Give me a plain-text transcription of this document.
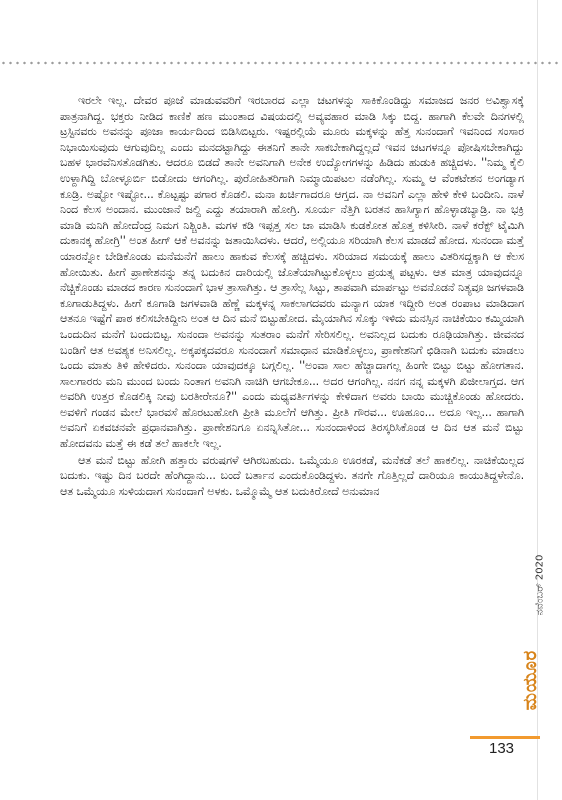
ಇರಲೇ ಇಲ್ಲ. ದೇವರ ಪೂಜೆ ಮಾಡುವವರಿಗೆ ಇರಬಾರದ ಎಲ್ಲಾ ಚಟಗಳನ್ನು ಸಾಕಿಕೊಂಡಿದ್ದು ಸಮಾಜದ ಜನರ ಅವಿಶ್ವಾಸಕ್ಕೆ ಪಾತ್ರನಾಗಿದ್ದ. ಭಕ್ತರು ನೀಡಿದ ಕಾಣಿಕೆ ಹಣ ಮುಂತಾದ ವಿಷಯದಲ್ಲಿ ಅವ್ಯವಹಾರ ಮಾಡಿ ಸಿಕ್ಕು ಬಿದ್ದ. ಹಾಗಾಗಿ ಕೆಲವೇ ದಿನಗಳಲ್ಲಿ ಟ್ರಸ್ಟಿನವರು ಅವನನ್ನು ಪೂಜಾ ಕಾರ್ಯದಿಂದ ಬಿಡಿಸಿಬಿಟ್ಟರು. ಇಷ್ಟರಲ್ಲಿಯೆ ಮೂರು ಮಕ್ಕಳನ್ನು ಹೆತ್ತ ಸುನಂದಾಗೆ ಇವನಿಂದ ಸಂಸಾರ ನಿಭಾಯಿಸುವುದು ಆಗುವುದಿಲ್ಲ ಎಂದು ಮನದಟ್ಟಾಗಿದ್ದು ಈತನಿಗೆ ತಾನೇ ಸಾಕಬೇಕಾಗಿದ್ದಲ್ಲದೆ ಇವನ ಚಟಗಳನ್ನೂ ಪೋಷಿಸಬೇಕಾಗಿದ್ದು ಬಹಳ ಭಾರವೆನಿಸತೊಡಗಿತು. ಆದರೂ ಬಿಡದೆ ತಾನೇ ಅವನಿಗಾಗಿ ಅನೇಕ ಉದ್ಯೋಗಗಳನ್ನು ಹಿಡಿದು ಹುಡುಕಿ ಹಚ್ಚಿದಳು. ''ನಿಮ್ಮ ಕೈಲಿ ಉಳ್ದಾಗಿದ್ದಿ ಬೋಳ್ಳೂರ್ಬಿ ಬಿಡೋದು ಆಗಂಗಿಲ್ಲ. ಪುರೋಹಿತರಿಗಾಗಿ ನಿಮ್ಮಾಯಿಪಟಲ ನಡೆಂಗಿಲ್ಲ. ಸುಮ್ಮ ಆ ವೆಂಕಟೇಶನ ಅಂಗಡ್ಯಾಗ ಕೂಡ್ರಿ. ಅಷ್ಟೋ ಇಷ್ಟೋ... ಕೊಟ್ಟಷ್ಟು ಪಗಾರ ಕೊಡಲಿ. ಮನಾ ಖರ್ಚಿಗಾದರೂ ಆಗ್ತದ. ನಾ ಅವನಿಗೆ ಎಲ್ಲಾ ಹೇಳಿ ಕೇಳಿ ಬಂದೀನಿ. ನಾಳೆ ನಿಂದ ಕೆಲಸ ಅಂದಾನ. ಮುಂಜಾನೆ ಜಲ್ದಿ ಎದ್ದು ತಯಾರಾಗಿ ಹೋಗ್ರಿ. ಸೂರ್ಯ ನೆತ್ತಿಗಿ ಬರತನ ಹಾಸಿಗ್ಯಾಗ ಹೊಳ್ಳಾಡಬ್ಯಾಡ್ರಿ. ನಾ ಭಕ್ರಿ ಮಾಡಿ ಮನಿಗಿ ಹೋದೆಂದ್ರ ನಿಮಗ ನಿಶ್ಚಿಂತಿ. ಮಗಳ ಕಡಿ ಇಪ್ಪತ್ತ ಸಲ ಚಾ ಮಾಡಿಸಿ ಕುಡಕೋತ ಹೊತ್ತ ಕಳಿಸೀರಿ. ನಾಳೆ ಕರೆಕ್ಟ್ ಟೈಮಿಗಿ ದುಕಾನಕ್ಕ ಹೋಗ್ರಿ'' ಅಂತ ಹೀಗ್ ಆಕೆ ಅವನನ್ನು ಜತಾಯಿಸಿದಳು. ಆದರೆ, ಅಲ್ಲಿಯೂ ಸರಿಯಾಗಿ ಕೆಲಸ ಮಾಡದೆ ಹೋದ. ಸುನಂದಾ ಮತ್ತೆ ಯಾರನ್ನೋ ಬೇಡಿಕೊಂಡು ಮನೆಮನೆಗೆ ಹಾಲು ಹಾಕುವ ಕೆಲಸಕ್ಕೆ ಹಚ್ಚಿದಳು. ಸರಿಯಾದ ಸಮಯಕ್ಕೆ ಹಾಲು ವಿತರಿಸದ್ದಕ್ಕಾಗಿ ಆ ಕೆಲಸ ಹೋಯಿತು. ಹೀಗೆ ಪ್ರಾಣೇಶನನ್ನು ತನ್ನ ಬದುಕಿನ ದಾರಿಯಲ್ಲಿ ಜೊತೆಯಾಗಿಟ್ಟುಕೊಳ್ಳಲು ಪ್ರಯತ್ನ ಪಟ್ಟಳು. ಆತ ಮಾತ್ರ ಯಾವುದನ್ನೂ ನೆಚ್ಚಿಕೊಂಡು ಮಾಡದ ಕಾರಣ ಸುನಂದಾಗೆ ಭಾಳ ತ್ರಾಸಾಗಿತ್ತು. ಆ ತ್ರಾಸೆಲ್ಲ ಸಿಟ್ಟು, ತಾಪವಾಗಿ ಮಾರ್ಪಟ್ಟು ಅವನೊಡನೆ ನಿತ್ಯವೂ ಜಗಳವಾಡಿ ಕೂಗಾಡುತಿದ್ದಳು. ಹೀಗೆ ಕೂಗಾಡಿ ಜಗಳವಾಡಿ ಹೆಣ್ಣೆ ಮಕ್ಕಳನ್ನ ಸಾಕಲಾಗದವರು ಮನ್ಯಾಗ ಯಾಕ ಇದ್ದೀರಿ ಅಂತ ರಂಪಾಟ ಮಾಡಿದಾಗ ಆತನೂ ಇಷ್ಟೆಗೆ ಪಾಠ ಕಲಿಸಬೇಕಿದ್ದೀನಿ ಅಂತ ಆ ದಿನ ಮನೆ ಬಿಟ್ಟುಹೋದ. ಮೈಯಾಗಿನ ಸೊಕ್ಕು ಇಳಿದು ಮನಸ್ಸಿನ ನಾಚಿಕೆಯಿಂ ಕಮ್ಮಿಯಾಗಿ ಒಂದುದಿನ ಮನೆಗೆ ಬಂದುಬಿಟ್ಟ. ಸುನಂದಾ ಅವನನ್ನು ಸುತರಾಂ ಮನೆಗೆ ಸೇರಿಸಲಿಲ್ಲ. ಅವನಿಲ್ಲದ ಬದುಕು ರೂಢಿಯಾಗಿತ್ತು. ಜೀವನದ ಬಂಡಿಗೆ ಆತ ಅವಶ್ಯಕ ಅನಿಸಲಿಲ್ಲ. ಅಕ್ಕಪಕ್ಕದವರೂ ಸುನಂದಾಗೆ ಸಮಾಧಾನ ಮಾಡಿಕೊಳ್ಳಲು, ಪ್ರಾಣೇಶನಿಗೆ ಛಿಡಿನಾಗಿ ಬದುಕು ಮಾಡಲು ಒಂದು ಮಾತು ತಿಳಿ ಹೇಳಿದರು. ಸುನಂದಾ ಯಾವುದಕ್ಕೂ ಬಗ್ಗಲಿಲ್ಲ. ''ಅಂವಾ ಸಾಲ ಹೆಚ್ಚಾದಾಗಲ್ಲ ಹಿಂಗೇ ಬಿಟ್ಟು ಬಿಟ್ಟು ಹೋಗತಾನ. ಸಾಲಗಾರರು ಮನಿ ಮುಂದ ಬಂದು ನಿಂತಾಗ ಅವನಿಗಿ ನಾಚಿಗಿ ಆಗಬೇಕೂ... ಅದರ ಆಗಂಗಿಲ್ಲ. ನನಗ ನನ್ನ ಮಕ್ಕಳಗಿ ಖಿಜೀಲಾಗ್ತದ. ಆಗ ಅವರಿಗಿ ಉತ್ತರ ಕೊಡಲಿಕ್ಕಿ ನೀವು ಬರತೀರೇನೂ?'' ಎಂದು ಮಧ್ಯವರ್ತಿಗಳನ್ನು ಕೇಳಿದಾಗ ಅವರು ಬಾಯಿ ಮುಚ್ಚಿಕೊಂಡು ಹೋದರು. ಅವಳಿಗೆ ಗಂಡನ ಮೇಲೆ ಭಾರವಸೆ ಹೊರಟುಹೋಗಿ ಪ್ರೀತಿ ಮೂಲೆಗೆ ಆಗಿತ್ತು. ಪ್ರೀತಿ ಗೌರವ... ಊಹೂಂ... ಅದೂ ಇಲ್ಲ... ಹಾಗಾಗಿ ಅವನಿಗೆ ಏಕವಚನವೇ ಪ್ರಧಾನವಾಗಿತ್ತು. ಪ್ರಾಣೇಶನಿಗೂ ಏನನ್ನಿಸಿತೋ... ಸುನಂದಾಳಿಂದ ತಿರಸ್ಕರಿಸಿಕೊಂಡ ಆ ದಿನ ಆತ ಮನೆ ಬಿಟ್ಟು ಹೋದವನು ಮತ್ತೆ ಈ ಕಡೆ ತಲೆ ಹಾಕಲೇ ಇಲ್ಲ.

ಆತ ಮನೆ ಬಿಟ್ಟು ಹೋಗಿ ಹತ್ತಾರು ವರುಷಗಳೆ ಆಗಿರಬಹುದು. ಒಮ್ಮೆಯೂ ಊರಕಡೆ, ಮನೆಕಡೆ ತಲೆ ಹಾಕಲಿಲ್ಲ. ನಾಚಿಕೆಯಿಲ್ಲದ ಬದುಕು. ಇಷ್ಟು ದಿನ ಬರದೇ ಹೆಂಗಿದ್ದಾನು... ಬಂದೆ ಬರ್ತಾನ ಎಂದುಕೊಂಡಿದ್ದಳು. ತನಗೇ ಗೊತ್ತಿಲ್ಲದೆ ದಾರಿಯೂ ಕಾಯುತಿದ್ದಳೇನೊ. ಆತ ಒಮ್ಮೆಯೂ ಸುಳಿಯದಾಗ ಸುನಂದಾಗೆ ಅಳಕು. ಒಮ್ಮೊಮ್ಮೆ ಆತ ಬದುಕಿರೋದೆ ಅನುಮಾನ

ನವೆಂಬರ್ 2020
ಮಯೂರ
133
